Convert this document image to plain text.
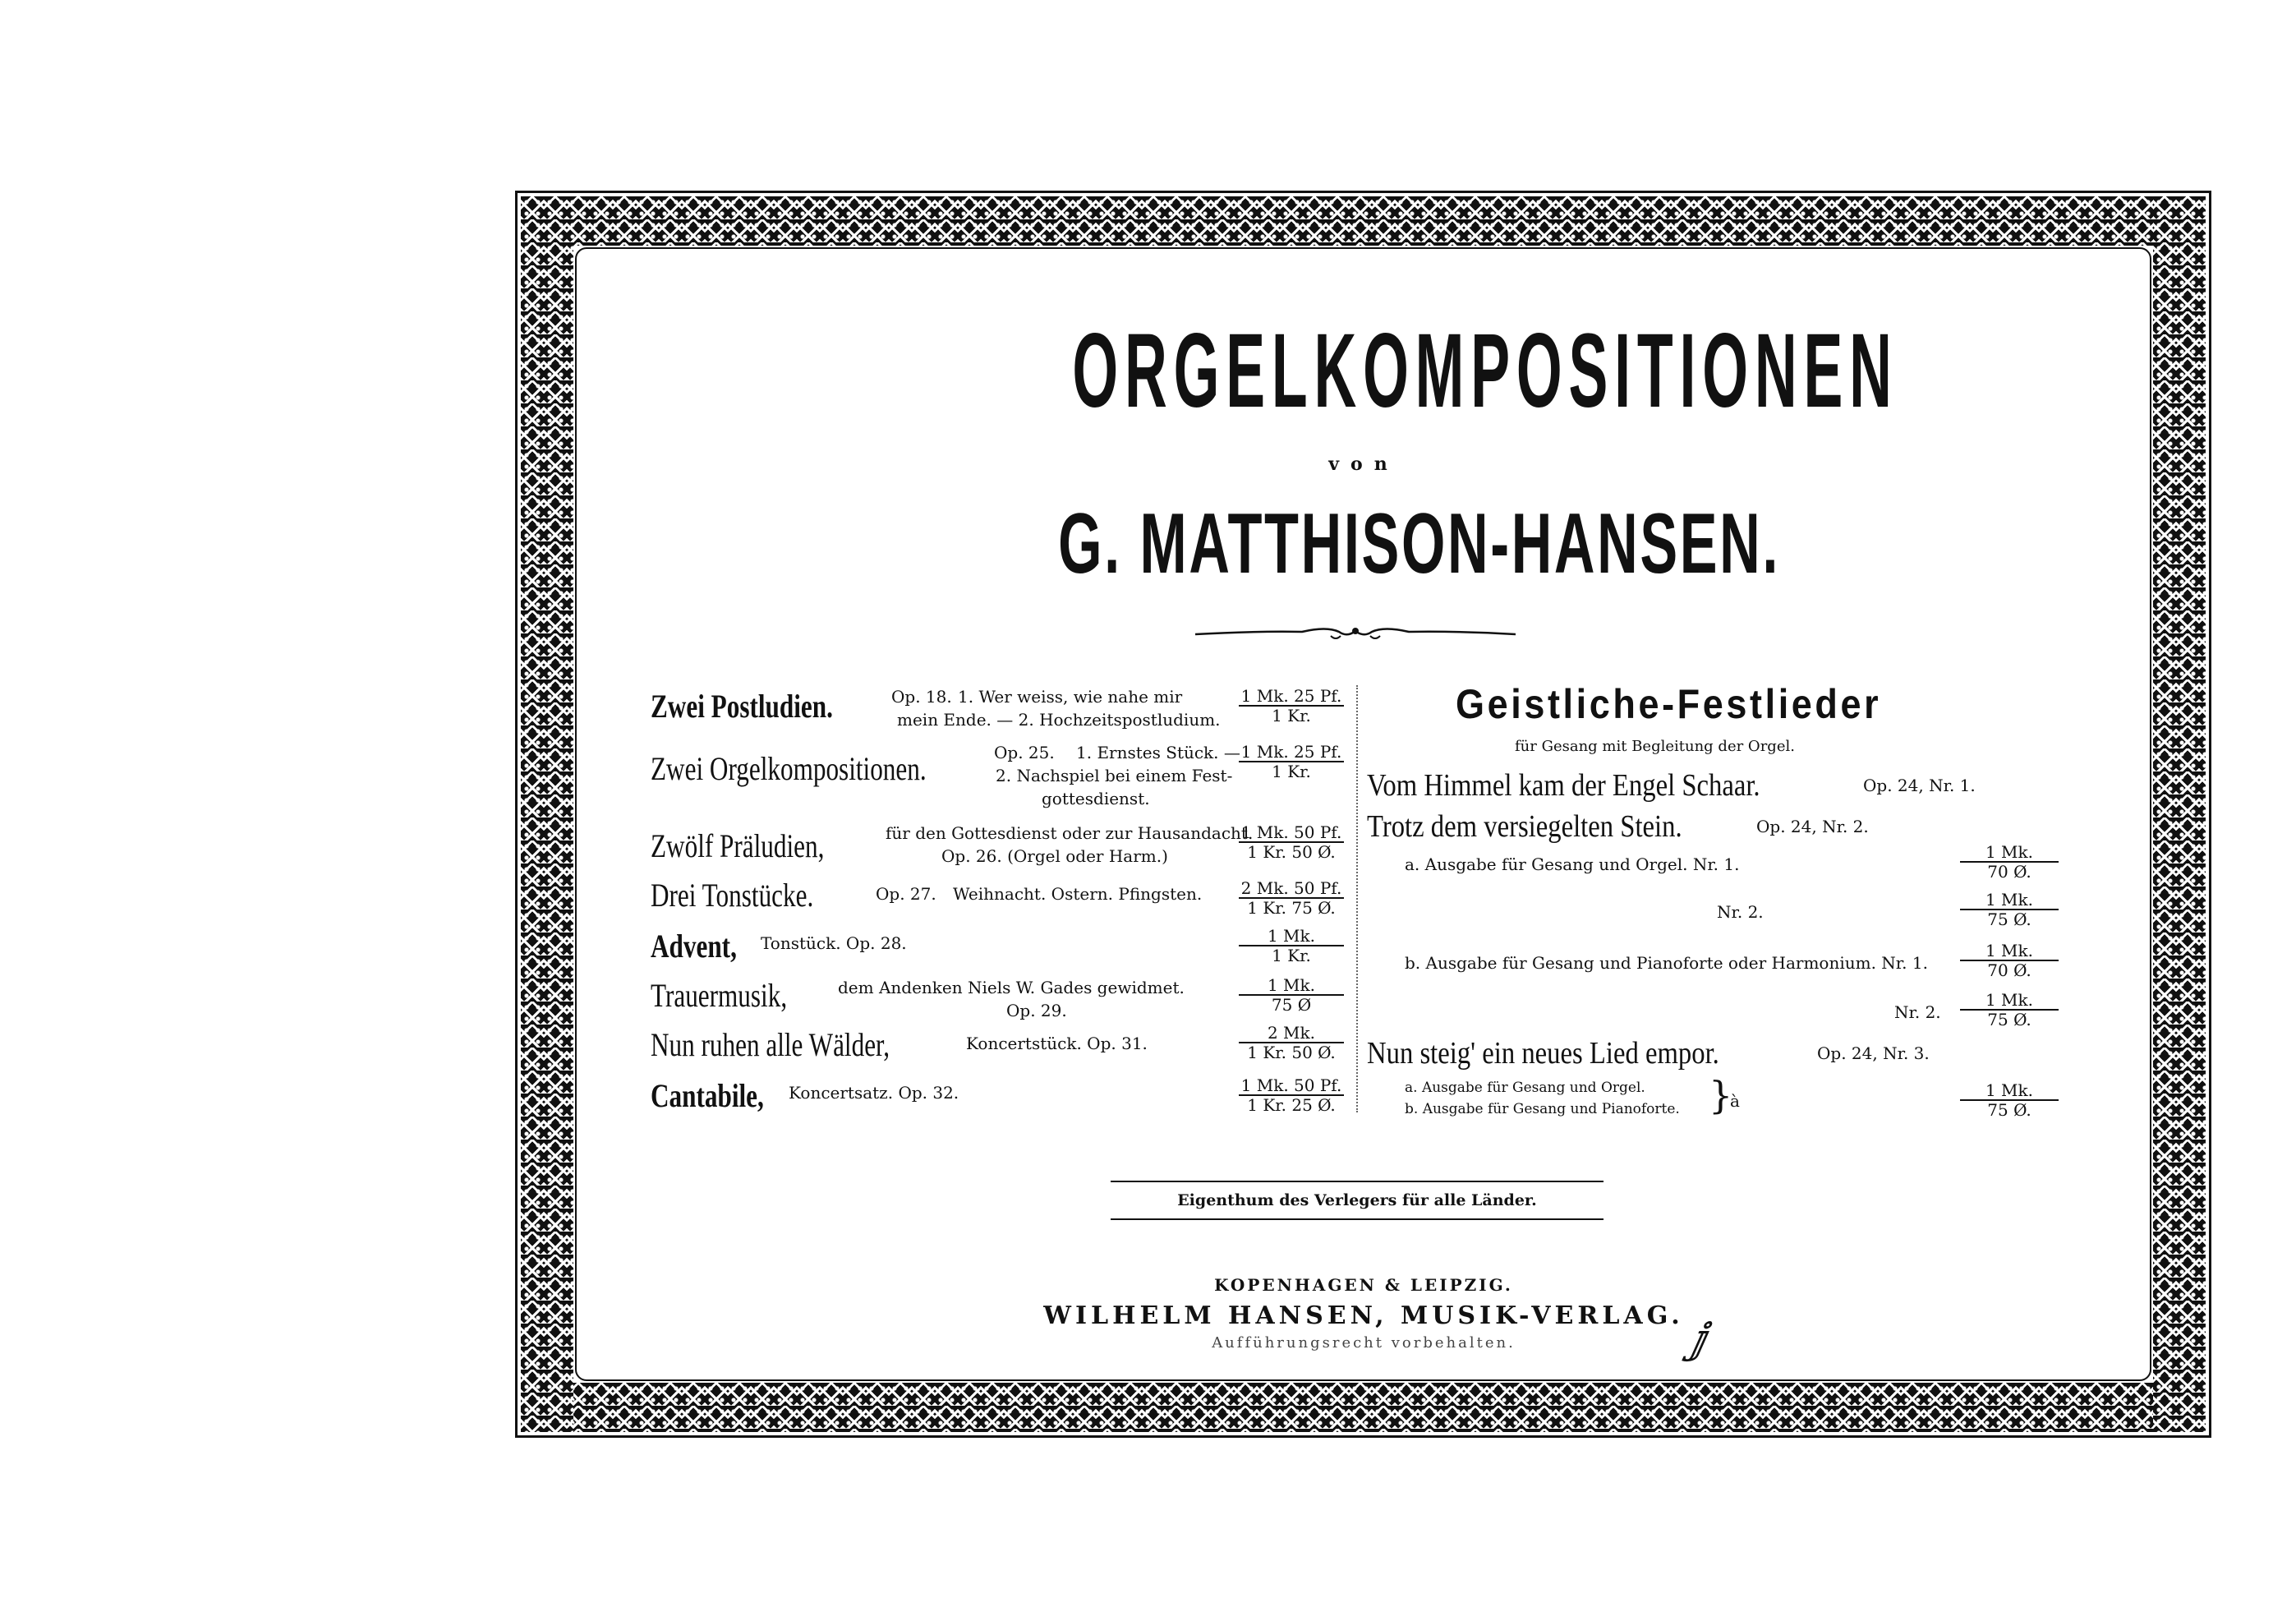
ORGELKOMPOSITIONEN
von
G. MATTHISON-HANSEN.
Zwei Postludien.	Op. 18. 1. Wer weiss, wie nahe mir
mein Ende. — 2. Hochzeitspostludium.
1 Mk. 25 Pf.
1 Kr.
Zwei Orgelkompositionen.	Op. 25. 1. Ernstes Stück. —
2. Nachspiel bei einem Fest-
gottesdienst.
1 Mk. 25 Pf.
1 Kr.
Zwölf Präludien,	für den Gottesdienst oder zur Hausandacht.
Op. 26. (Orgel oder Harm.)
1 Mk. 50 Pf.
1 Kr. 50 Ø.
Drei Tonstücke.	Op. 27. Weihnacht. Ostern. Pfingsten. 2 Mk. 50 Pf.
1 Kr. 75 Ø.
Advent, Tonstück. Op. 28.	1 Mk.
1 Kr.
Trauermusik,	dem Andenken Niels W. Gades gewidmet.
Op. 29.
1 Mk.
75 Ø
Nun ruhen alle Wälder,	Koncertstück. Op. 31.
2 Mk.
1 Kr. 50 Ø.
Cantabile, Koncertsatz. Op. 32.	1 Mk. 50 Pf.
1 Kr. 25 Ø.
Geistliche-Festlieder
für Gesang mit Begleitung der Orgel.
Vom Himmel kam der Engel Schaar.	Op. 24, Nr. 1.
Trotz dem versiegelten Stein.	Op. 24, Nr. 2.
a. Ausgabe für Gesang und Orgel. Nr. 1.
1 Mk.
70 Ø.
Nr. 2.
1 Mk.
75 Ø.
b. Ausgabe für Gesang und Pianoforte oder Harmonium. Nr. 1.
1 Mk.
70 Ø.
Nr. 2.
1 Mk.
75 Ø.
Nun steig' ein neues Lied empor.	Op. 24, Nr. 3.
a. Ausgabe für Gesang und Orgel.
b. Ausgabe für Gesang und Pianoforte. }
à
1 Mk.
75 Ø.
Eigenthum des Verlegers für alle Länder.
KOPENHAGEN & LEIPZIG.
WILHELM HANSEN, MUSIK-VERLAG.
Aufführungsrecht vorbehalten.	ⅉ
